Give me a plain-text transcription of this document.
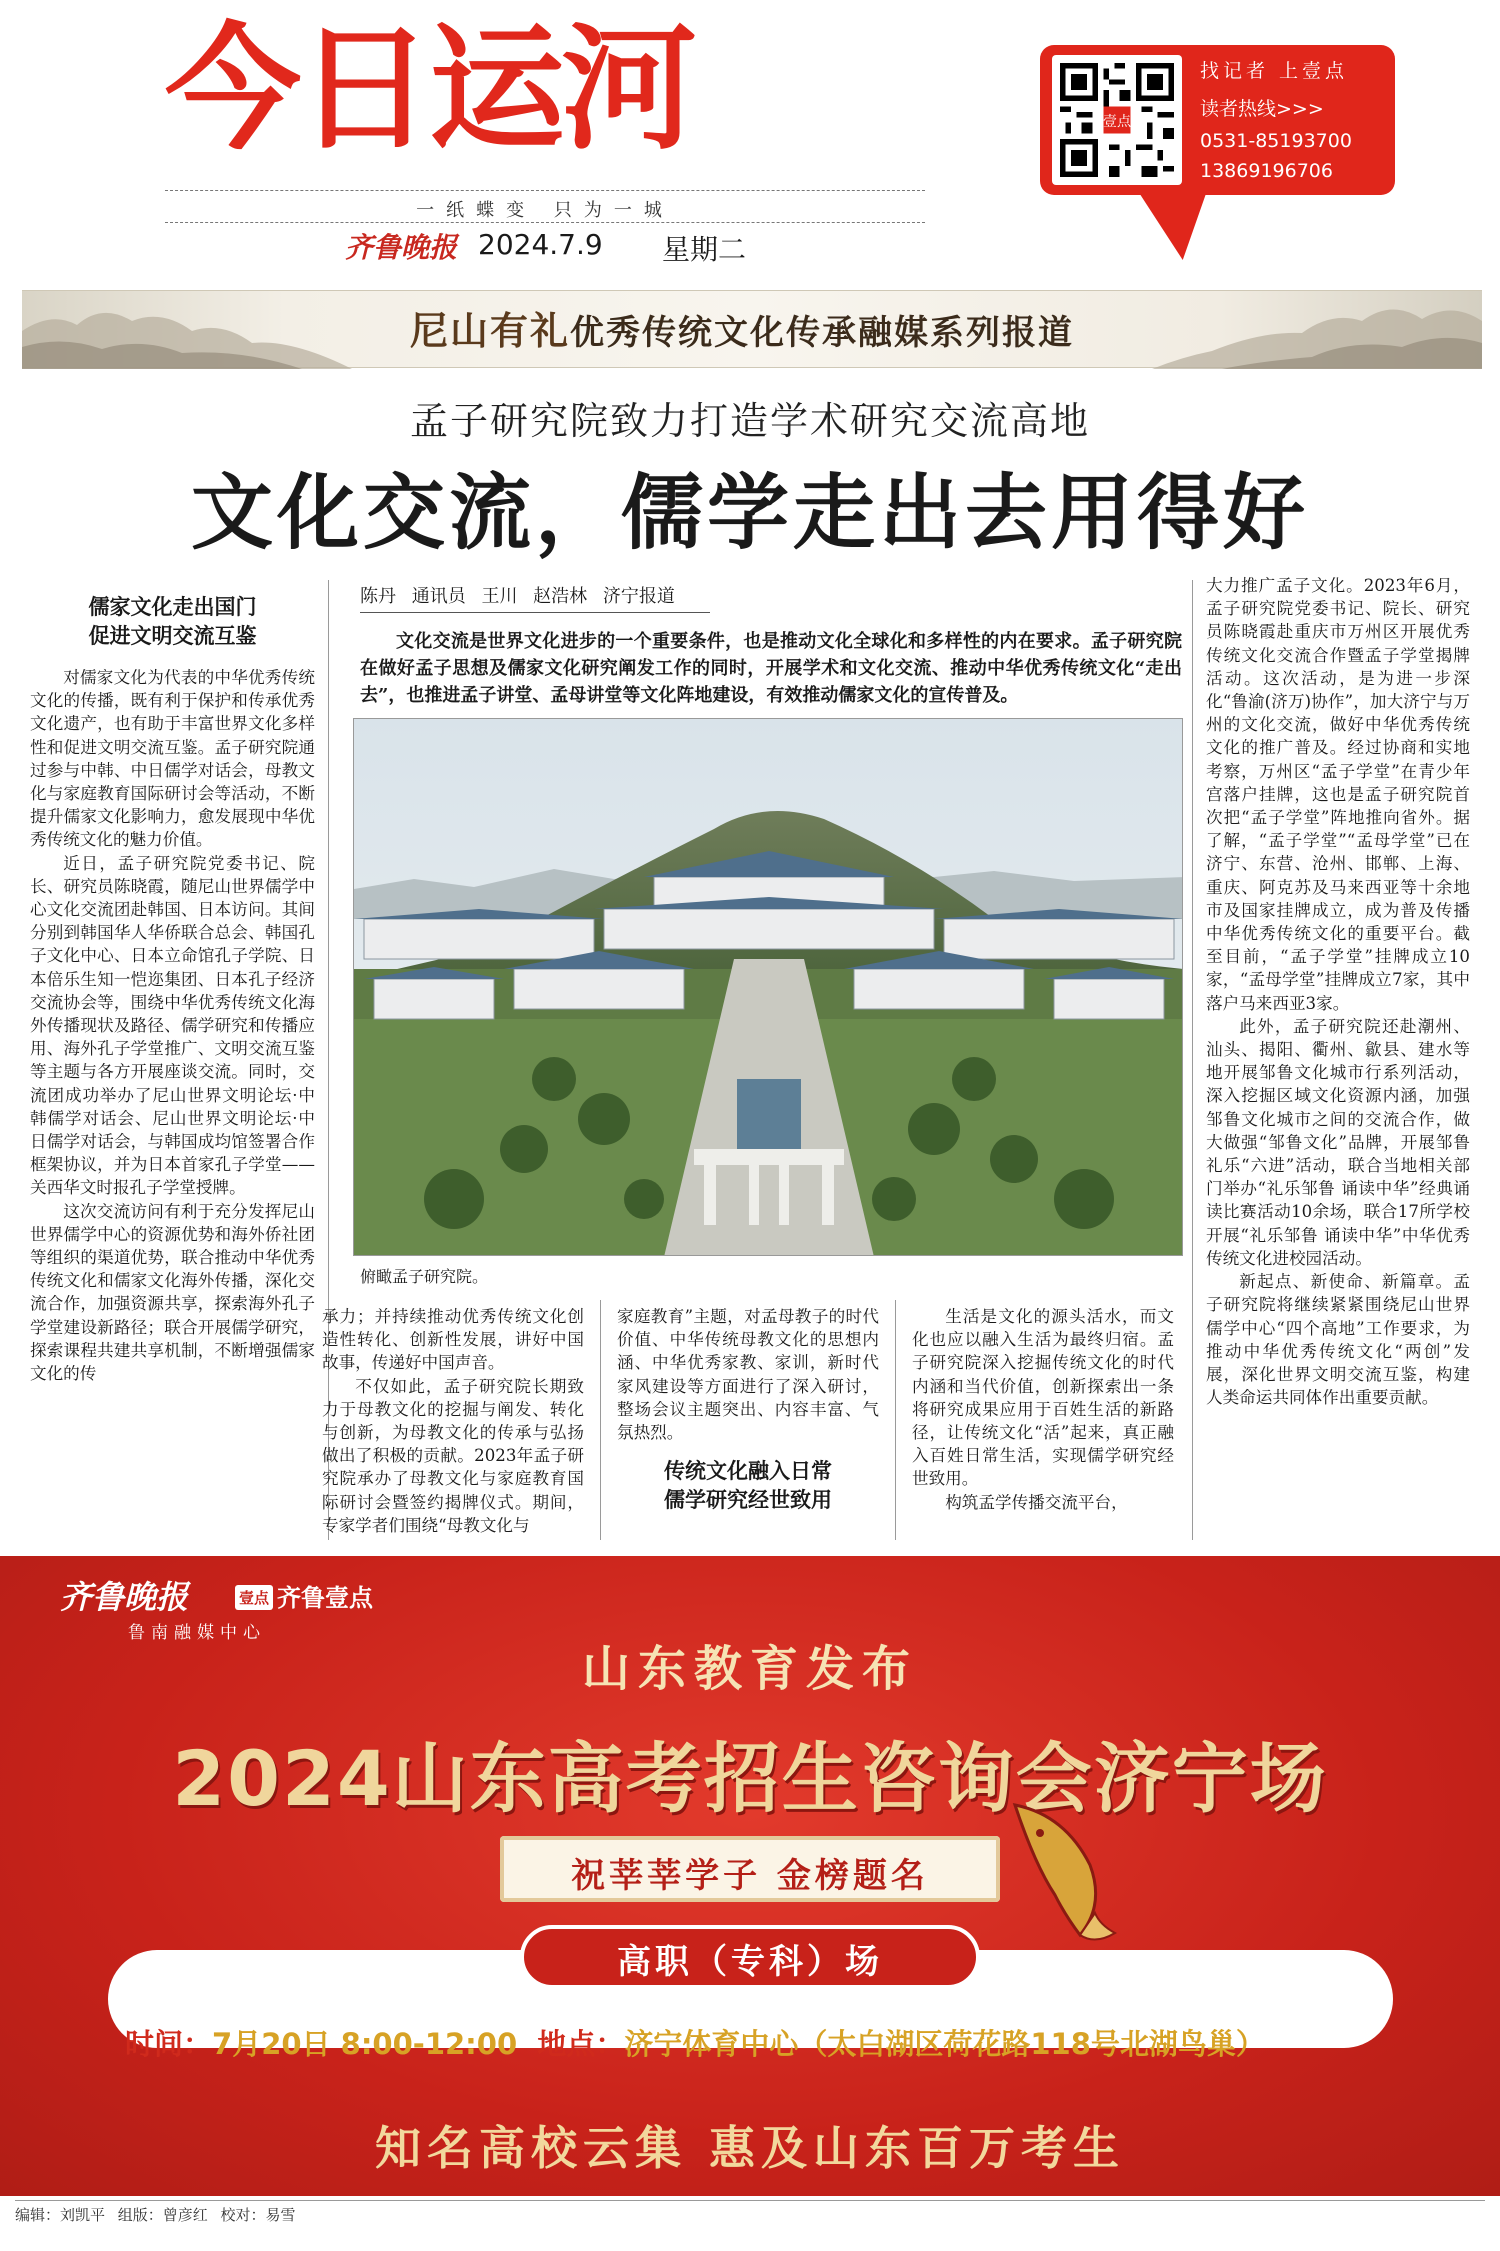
今日运河
一纸蝶变 只为一城
齐鲁晚报 2024.7.9 星期二
壹点
找记者 上壹点
读者热线>>>
0531-85193700
13869196706
尼山有礼优秀传统文化传承融媒系列报道
孟子研究院致力打造学术研究交流高地
文化交流，儒学走出去用得好
陈丹 通讯员 王川 赵浩林 济宁报道
文化交流是世界文化进步的一个重要条件，也是推动文化全球化和多样性的内在要求。孟子研究院在做好孟子思想及儒家文化研究阐发工作的同时，开展学术和文化交流、推动中华优秀传统文化“走出去”，也推进孟子讲堂、孟母讲堂等文化阵地建设，有效推动儒家文化的宣传普及。
儒家文化走出国门
促进文明交流互鉴

对儒家文化为代表的中华优秀传统文化的传播，既有利于保护和传承优秀文化遗产，也有助于丰富世界文化多样性和促进文明交流互鉴。孟子研究院通过参与中韩、中日儒学对话会，母教文化与家庭教育国际研讨会等活动，不断提升儒家文化影响力，愈发展现中华优秀传统文化的魅力价值。

近日，孟子研究院党委书记、院长、研究员陈晓霞，随尼山世界儒学中心文化交流团赴韩国、日本访问。其间分别到韩国华人华侨联合总会、韩国孔子文化中心、日本立命馆孔子学院、日本倍乐生知一恺迩集团、日本孔子经济交流协会等，围绕中华优秀传统文化海外传播现状及路径、儒学研究和传播应用、海外孔子学堂推广、文明交流互鉴等主题与各方开展座谈交流。同时，交流团成功举办了尼山世界文明论坛·中韩儒学对话会、尼山世界文明论坛·中日儒学对话会，与韩国成均馆签署合作框架协议，并为日本首家孔子学堂——关西华文时报孔子学堂授牌。

这次交流访问有利于充分发挥尼山世界儒学中心的资源优势和海外侨社团等组织的渠道优势，联合推动中华优秀传统文化和儒家文化海外传播，深化交流合作，加强资源共享，探索海外孔子学堂建设新路径；联合开展儒学研究，探索课程共建共享机制，不断增强儒家文化的传

俯瞰孟子研究院。

承力；并持续推动优秀传统文化创造性转化、创新性发展，讲好中国故事，传递好中国声音。

不仅如此，孟子研究院长期致力于母教文化的挖掘与阐发、转化与创新，为母教文化的传承与弘扬做出了积极的贡献。2023年孟子研究院承办了母教文化与家庭教育国际研讨会暨签约揭牌仪式。期间，专家学者们围绕“母教文化与

家庭教育”主题，对孟母教子的时代价值、中华传统母教文化的思想内涵、中华优秀家教、家训，新时代家风建设等方面进行了深入研讨，整场会议主题突出、内容丰富、气氛热烈。

传统文化融入日常
儒学研究经世致用

生活是文化的源头活水，而文化也应以融入生活为最终归宿。孟子研究院深入挖掘传统文化的时代内涵和当代价值，创新探索出一条将研究成果应用于百姓生活的新路径，让传统文化“活”起来，真正融入百姓日常生活，实现儒学研究经世致用。

构筑孟学传播交流平台，

大力推广孟子文化。2023年6月，孟子研究院党委书记、院长、研究员陈晓霞赴重庆市万州区开展优秀传统文化交流合作暨孟子学堂揭牌活动。这次活动，是为进一步深化“鲁渝(济万)协作”，加大济宁与万州的文化交流，做好中华优秀传统文化的推广普及。经过协商和实地考察，万州区“孟子学堂”在青少年宫落户挂牌，这也是孟子研究院首次把“孟子学堂”阵地推向省外。据了解，“孟子学堂”“孟母学堂”已在济宁、东营、沧州、邯郸、上海、重庆、阿克苏及马来西亚等十余地市及国家挂牌成立，成为普及传播中华优秀传统文化的重要平台。截至目前，“孟子学堂”挂牌成立10家，“孟母学堂”挂牌成立7家，其中落户马来西亚3家。

此外，孟子研究院还赴潮州、汕头、揭阳、衢州、歙县、建水等地开展邹鲁文化城市行系列活动，深入挖掘区域文化资源内涵，加强邹鲁文化城市之间的交流合作，做大做强“邹鲁文化”品牌，开展邹鲁礼乐“六进”活动，联合当地相关部门举办“礼乐邹鲁 诵读中华”经典诵读比赛活动10余场，联合17所学校开展“礼乐邹鲁 诵读中华”中华优秀传统文化进校园活动。

新起点、新使命、新篇章。孟子研究院将继续紧紧围绕尼山世界儒学中心“四个高地”工作要求，为推动中华优秀传统文化“两创”发展，深化世界文明交流互鉴，构建人类命运共同体作出重要贡献。

齐鲁晚报	壹点 齐鲁壹点
鲁南融媒中心
山东教育发布
2024山东高考招生咨询会济宁场
祝莘莘学子 金榜题名
高职（专科）场
时间：7月20日 8:00-12:00 地点：济宁体育中心（太白湖区荷花路118号北湖鸟巢）
知名高校云集 惠及山东百万考生
编辑：刘凯平 组版：曾彦红 校对：易雪
